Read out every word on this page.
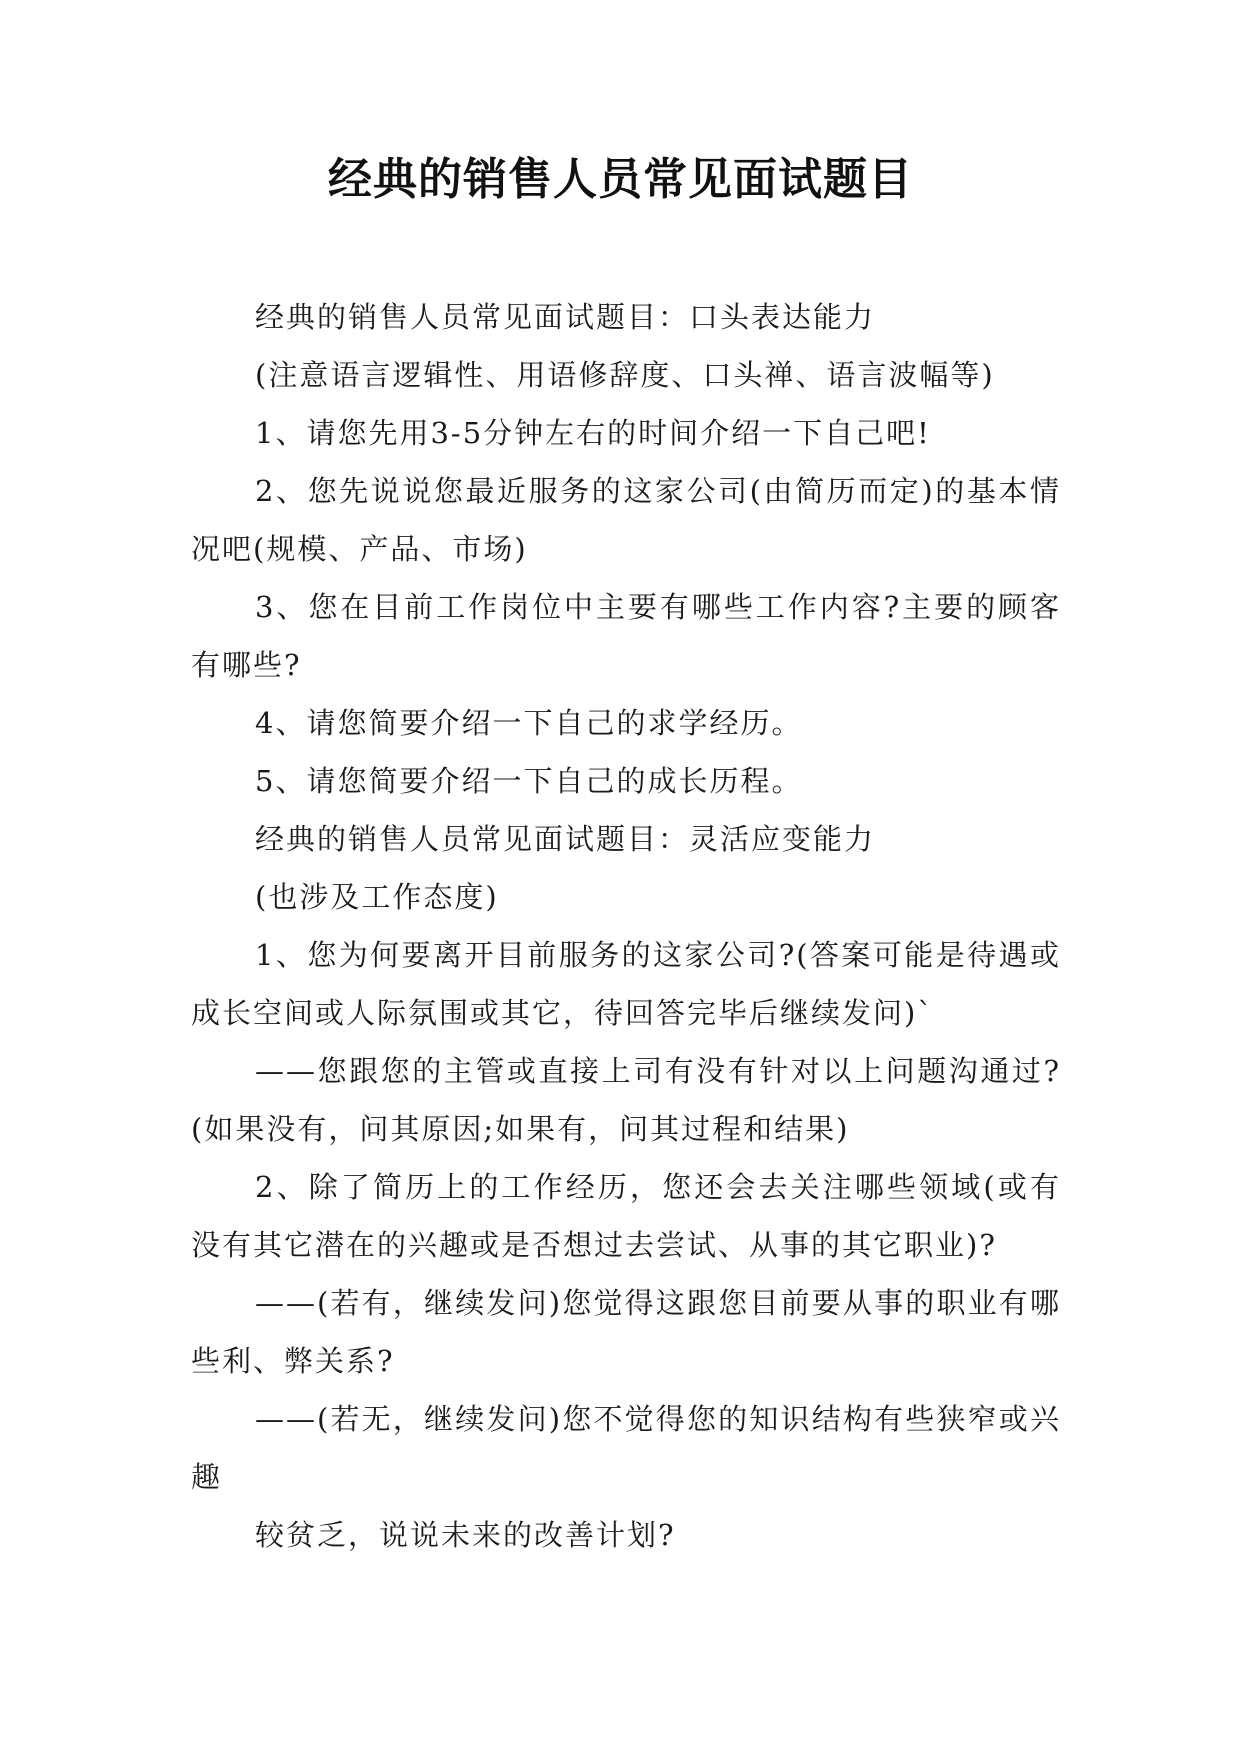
经典的销售人员常见面试题目

经典的销售人员常见面试题目：口头表达能力

(注意语言逻辑性、用语修辞度、口头禅、语言波幅等)

1、请您先用3-5分钟左右的时间介绍一下自己吧!

2、您先说说您最近服务的这家公司(由简历而定)的基本情况吧(规模、产品、市场)

3、您在目前工作岗位中主要有哪些工作内容?主要的顾客有哪些?

4、请您简要介绍一下自己的求学经历。

5、请您简要介绍一下自己的成长历程。

经典的销售人员常见面试题目：灵活应变能力

(也涉及工作态度)

1、您为何要离开目前服务的这家公司?(答案可能是待遇或成长空间或人际氛围或其它，待回答完毕后继续发问)`

——您跟您的主管或直接上司有没有针对以上问题沟通过?(如果没有，问其原因;如果有，问其过程和结果)

2、除了简历上的工作经历，您还会去关注哪些领域(或有没有其它潜在的兴趣或是否想过去尝试、从事的其它职业)?

——(若有，继续发问)您觉得这跟您目前要从事的职业有哪些利、弊关系?

——(若无，继续发问)您不觉得您的知识结构有些狭窄或兴趣

较贫乏，说说未来的改善计划?
